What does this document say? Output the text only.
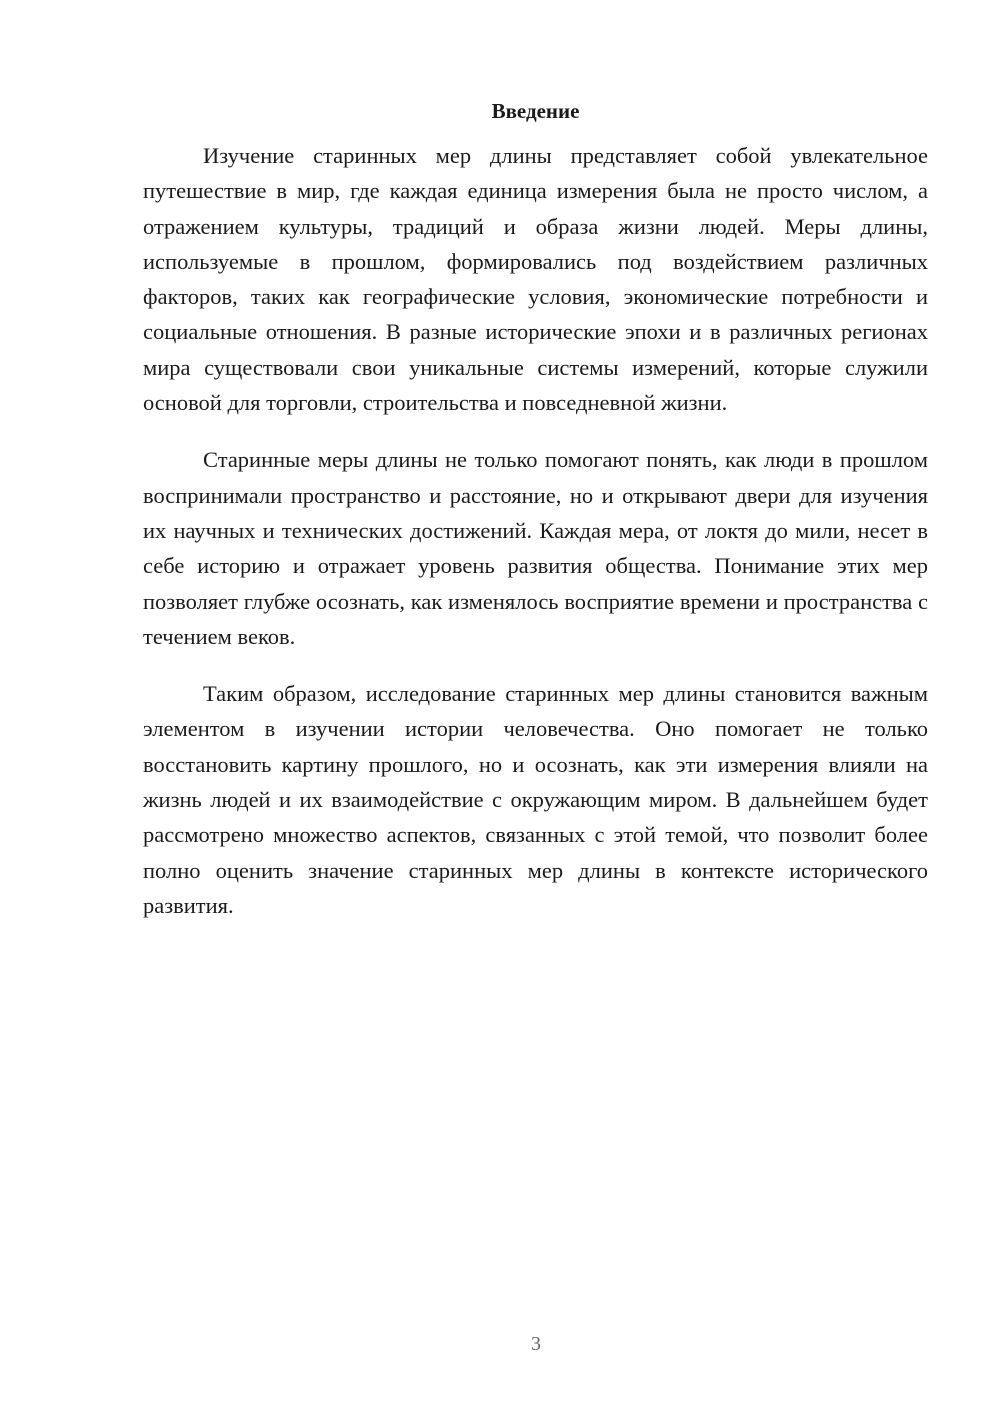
Введение

Изучение старинных мер длины представляет собой увлекательное путешествие в мир, где каждая единица измерения была не просто числом, а отражением культуры, традиций и образа жизни людей. Меры длины, используемые в прошлом, формировались под воздействием различных факторов, таких как географические условия, экономические потребности и социальные отношения. В разные исторические эпохи и в различных регионах мира существовали свои уникальные системы измерений, которые служили основой для торговли, строительства и повседневной жизни.

Старинные меры длины не только помогают понять, как люди в прошлом воспринимали пространство и расстояние, но и открывают двери для изучения их научных и технических достижений. Каждая мера, от локтя до мили, несет в себе историю и отражает уровень развития общества. Понимание этих мер позволяет глубже осознать, как изменялось восприятие времени и пространства с течением веков.

Таким образом, исследование старинных мер длины становится важным элементом в изучении истории человечества. Оно помогает не только восстановить картину прошлого, но и осознать, как эти измерения влияли на жизнь людей и их взаимодействие с окружающим миром. В дальнейшем будет рассмотрено множество аспектов, связанных с этой темой, что позволит более полно оценить значение старинных мер длины в контексте исторического развития.

3
